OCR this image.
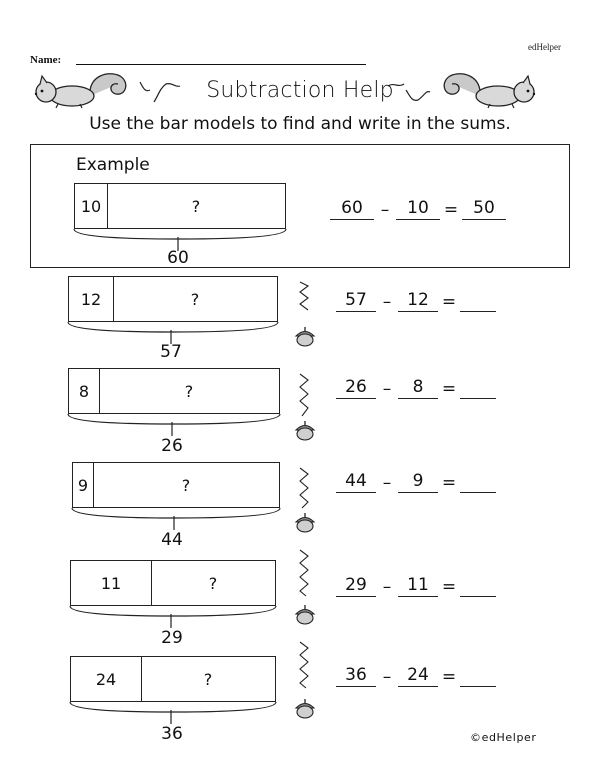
edHelper
Name:
Subtraction Help
Use the bar models to find and write in the sums.
Example
10	?
60
60	–	10 = 50
12	?
57
8	?
26
9	?
44
11	?
29
24	?
36
57 – 12 =
26 –	8	=
44 –	9	=
29 – 11 =
36 – 24 =
©edHelper
